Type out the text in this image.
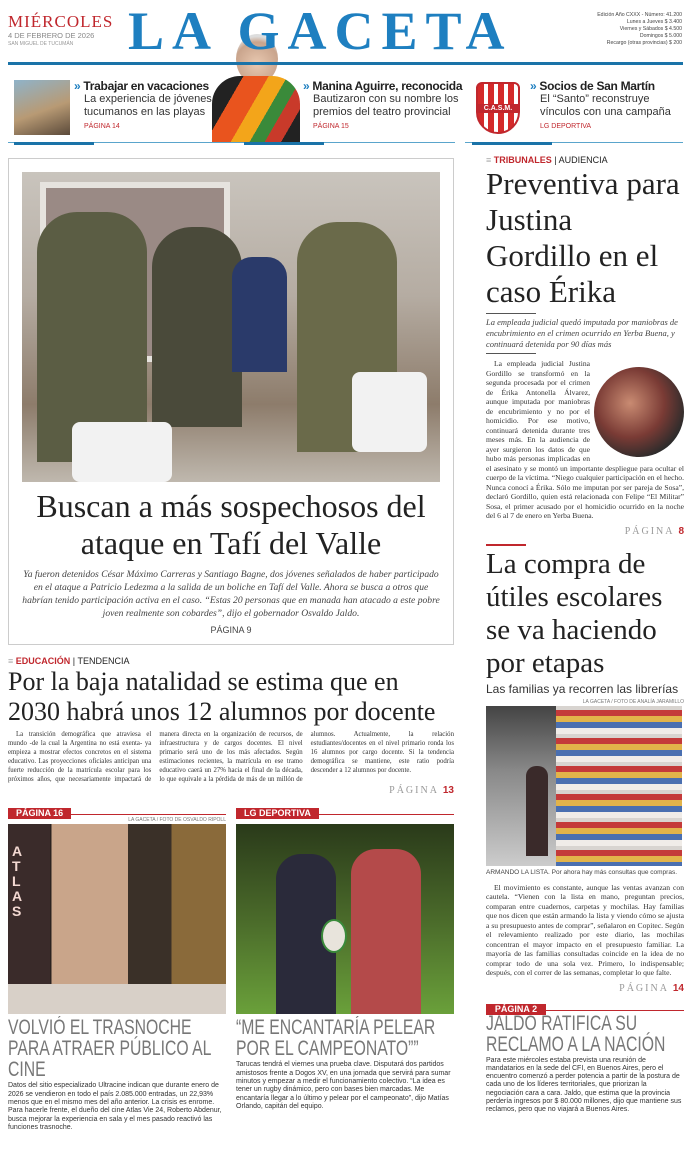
MIÉRCOLES
4 DE FEBRERO DE 2026
SAN MIGUEL DE TUCUMÁN LA GACETA	Edición Año CXXX - Número: 41.200
Lunes a Jueves $ 3.400
Viernes y Sábados $ 4.500
Domingos $ 5.000
Recargo (otras provincias) $ 200
» Trabajar en vacaciones
La experiencia de jóvenes tucumanos en las playas
PÁGINA 14
» Manina Aguirre, reconocida
Bautizaron con su nombre los premios del teatro provincial
PÁGINA 15
C.A.S.M.
» Socios de San Martín
El “Santo” reconstruye vínculos con una campaña
LG DEPORTIVA
Buscan a más sospechosos del ataque en Tafí del Valle
Ya fueron detenidos César Máximo Carreras y Santiago Bagne, dos jóvenes señalados de haber participado en el ataque a Patricio Ledezma a la salida de un boliche en Tafí del Valle. Ahora se busca a otros que habrían tenido participación activa en el caso. “Estas 20 personas que en manada han atacado a este pobre joven realmente son cobardes”, dijo el gobernador Osvaldo Jaldo.
PÁGINA 9
≡ EDUCACIÓN | TENDENCIA
Por la baja natalidad se estima que en 2030 habrá unos 12 alumnos por docente
La transición demográfica que atraviesa el mundo -de la cual la Argentina no está exenta- ya empieza a mostrar efectos concretos en el sistema educativo. Las proyecciones oficiales anticipan una fuerte reducción de la matrícula escolar para los próximos años, que necesariamente impactará de manera directa en la organización de recursos, de infraestructura y de cargos docentes. El nivel primario será uno de los más afectados. Según estimaciones recientes, la matrícula en ese tramo educativo caerá un 27% hacia el final de la década, lo que equivale a la pérdida de más de un millón de alumnos. Actualmente, la relación estudiantes/docentes en el nivel primario ronda los 16 alumnos por cargo docente. Si la tendencia demográfica se mantiene, este ratio podría descender a 12 alumnos por docente.
PÁGINA 13
PÁGINA 16
LA GACETA / FOTO DE OSVALDO RIPOLL
ATLAS
VOLVIÓ EL TRASNOCHE PARA ATRAER PÚBLICO AL CINE
Datos del sitio especializado Ultracine indican que durante enero de 2026 se vendieron en todo el país 2.085.000 entradas, un 22,93% menos que en el mismo mes del año anterior. La crisis es enrome. Para hacerle frente, el dueño del cine Atlas Vie 24, Roberto Abdenur, busca mejorar la experiencia en sala y el mes pasado reactivó las funciones trasnoche.
LG DEPORTIVA
“ME ENCANTARÍA PELEAR POR EL CAMPEONATO””
Tarucas tendrá el viernes una prueba clave. Disputará dos partidos amistosos frente a Dogos XV, en una jornada que servirá para sumar minutos y empezar a medir el funcionamiento colectivo. “La idea es tener un rugby dinámico, pero con bases bien marcadas. Me encantaría llegar a lo último y pelear por el campeonato”, dijo Matías Orlando, capitán del equipo.
≡ TRIBUNALES | AUDIENCIA
Preventiva para Justina Gordillo en el caso Érika
La empleada judicial quedó imputada por maniobras de encubrimiento en el crimen ocurrido en Yerba Buena, y continuará detenida por 90 días más
La empleada judicial Justina Gordillo se transformó en la segunda procesada por el crimen de Érika Antonella Álvarez, aunque imputada por maniobras de encubrimiento y no por el homicidio. Por ese motivo, continuará detenida durante tres meses más. En la audiencia de ayer surgieron los datos de que hubo más personas implicadas en el asesinato y se montó un importante despliegue para ocultar el cuerpo de la víctima. “Niego cualquier participación en el hecho. Nunca conocí a Érika. Sólo me imputan por ser pareja de Sosa”, declaró Gordillo, quien está relacionada con Felipe “El Militar” Sosa, el primer acusado por el homicidio ocurrido en la noche del 6 al 7 de enero en Yerba Buena.
PÁGINA 8
La compra de útiles escolares se va haciendo por etapas
Las familias ya recorren las librerías
LA GACETA / FOTO DE ANALÍA JARAMILLO
ARMANDO LA LISTA. Por ahora hay más consultas que compras.
El movimiento es constante, aunque las ventas avanzan con cautela. “Vienen con la lista en mano, preguntan precios, comparan entre cuadernos, carpetas y mochilas. Hay familias que nos dicen que están armando la lista y viendo cómo se ajusta a su presupuesto antes de comprar”, señalaron en Copitec. Según el relevamiento realizado por este diario, las mochilas concentran el mayor impacto en el presupuesto familiar. La mayoría de las familias consultadas coincide en la idea de no comprar todo de una sola vez. Primero, lo indispensable; después, con el correr de las semanas, completar lo que falte.
PÁGINA 14
PÁGINA 2
JALDO RATIFICA SU RECLAMO A LA NACIÓN
Para este miércoles estaba prevista una reunión de mandatarios en la sede del CFI, en Buenos Aires, pero el encuentro comenzó a perder potencia a partir de la postura de cada uno de los líderes territoriales, que priorizan la negociación cara a cara. Jaldo, que estima que la provincia perdería ingresos por $ 80.000 millones, dijo que mantiene sus reclamos, pero que no viajará a Buenos Aires.
